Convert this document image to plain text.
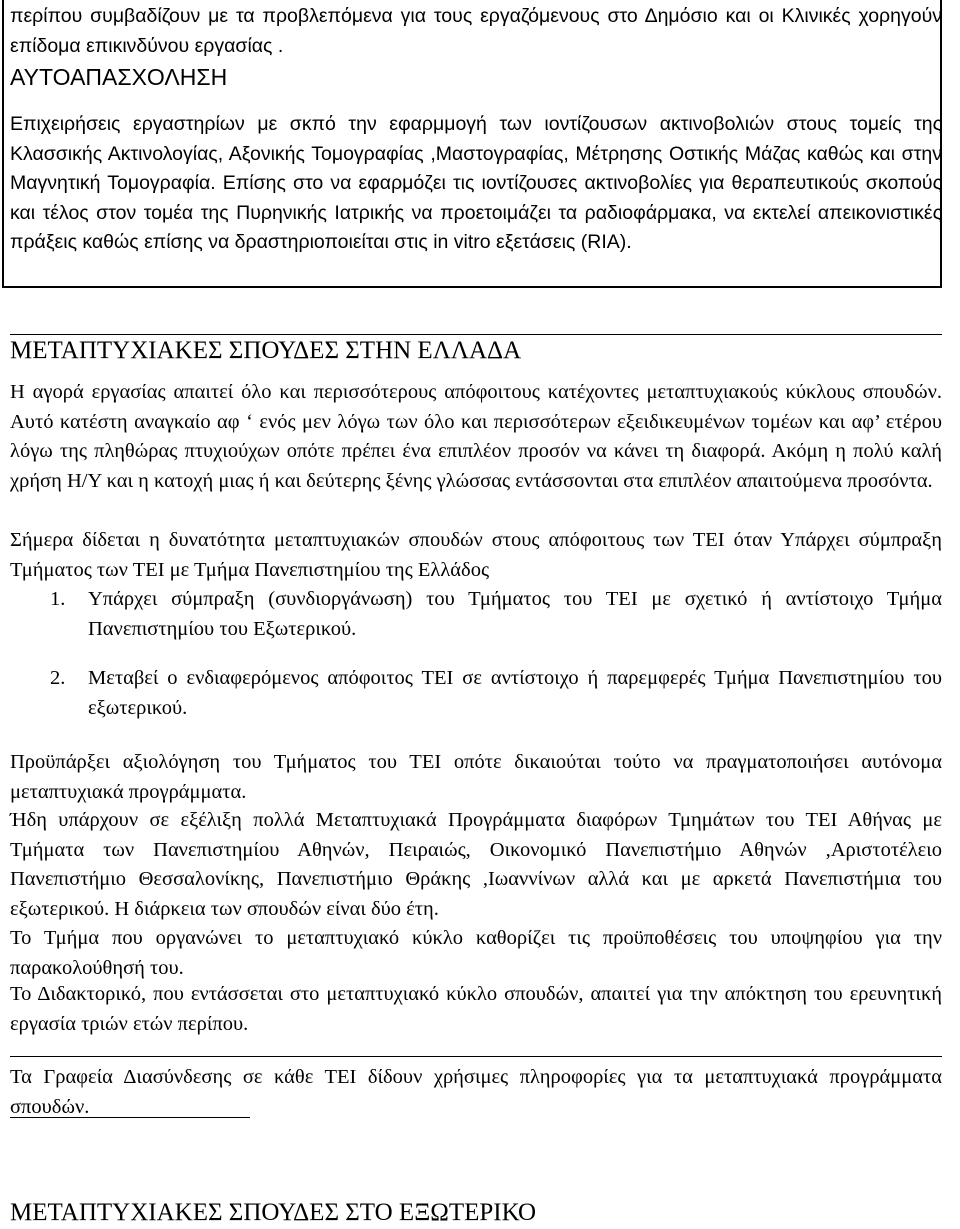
περίπου συμβαδίζουν με τα προβλεπόμενα για τους εργαζόμενους στο Δημόσιο και οι Κλινικές χορηγούν επίδομα επικινδύνου εργασίας .

ΑΥΤΟΑΠΑΣΧΟΛΗΣΗ

Επιχειρήσεις εργαστηρίων με σκπό την εφαρμμογή των ιοντίζουσων ακτινοβολιών στους τομείς της Κλασσικής Ακτινολογίας, Αξονικής Τομογραφίας ,Μαστογραφίας, Μέτρησης Οστικής Μάζας καθώς και στην Μαγνητική Τομογραφία. Επίσης στο να εφαρμόζει τις ιοντίζουσες ακτινοβολίες για θεραπευτικούς σκοπούς και τέλος στον τομέα της Πυρηνικής Ιατρικής να προετοιμάζει τα ραδιοφάρμακα, να εκτελεί απεικονιστικές πράξεις καθώς επίσης να δραστηριοποιείται στις in vitro εξετάσεις (RIA).

ΜΕΤΑΠΤΥΧΙΑΚΕΣ ΣΠΟΥΔΕΣ ΣΤΗΝ ΕΛΛΑΔΑ

Η αγορά εργασίας απαιτεί όλο και περισσότερους απόφοιτους κατέχοντες μεταπτυχιακούς κύκλους σπουδών. Αυτό κατέστη αναγκαίο αφ ‘ ενός μεν λόγω των όλο και περισσότερων εξειδικευμένων τομέων και αφ’ ετέρου λόγω της πληθώρας πτυχιούχων οπότε πρέπει ένα επιπλέον προσόν να κάνει τη διαφορά. Ακόμη η πολύ καλή χρήση Η/Υ και η κατοχή μιας ή και δεύτερης ξένης γλώσσας εντάσσονται στα επιπλέον απαιτούμενα προσόντα.

Σήμερα δίδεται η δυνατότητα μεταπτυχιακών σπουδών στους απόφοιτους των ΤΕΙ όταν Υπάρχει σύμπραξη Τμήματος των ΤΕΙ με Τμήμα Πανεπιστημίου της Ελλάδος

1. Υπάρχει σύμπραξη (συνδιοργάνωση) του Τμήματος του ΤΕΙ με σχετικό ή αντίστοιχο Τμήμα Πανεπιστημίου του Εξωτερικού.
2. Μεταβεί ο ενδιαφερόμενος απόφοιτος ΤΕΙ σε αντίστοιχο ή παρεμφερές Τμήμα Πανεπιστημίου του εξωτερικού.

Προϋπάρξει αξιολόγηση του Τμήματος του ΤΕΙ οπότε δικαιούται τούτο να πραγματοποιήσει αυτόνομα μεταπτυχιακά προγράμματα.

Ήδη υπάρχουν σε εξέλιξη πολλά Μεταπτυχιακά Προγράμματα διαφόρων Τμημάτων του ΤΕΙ Αθήνας με Τμήματα των Πανεπιστημίου Αθηνών, Πειραιώς, Οικονομικό Πανεπιστήμιο Αθηνών ,Αριστοτέλειο Πανεπιστήμιο Θεσσαλονίκης, Πανεπιστήμιο Θράκης ,Ιωαννίνων αλλά και με αρκετά Πανεπιστήμια του εξωτερικού. Η διάρκεια των σπουδών είναι δύο έτη.

Το Τμήμα που οργανώνει το μεταπτυχιακό κύκλο καθορίζει τις προϋποθέσεις του υποψηφίου για την παρακολούθησή του.

Το Διδακτορικό, που εντάσσεται στο μεταπτυχιακό κύκλο σπουδών, απαιτεί για την απόκτηση του ερευνητική εργασία τριών ετών περίπου.

Τα Γραφεία Διασύνδεσης σε κάθε ΤΕΙ δίδουν χρήσιμες πληροφορίες για τα μεταπτυχιακά προγράμματα σπουδών.

ΜΕΤΑΠΤΥΧΙΑΚΕΣ ΣΠΟΥΔΕΣ ΣΤΟ ΕΞΩΤΕΡΙΚΟ
